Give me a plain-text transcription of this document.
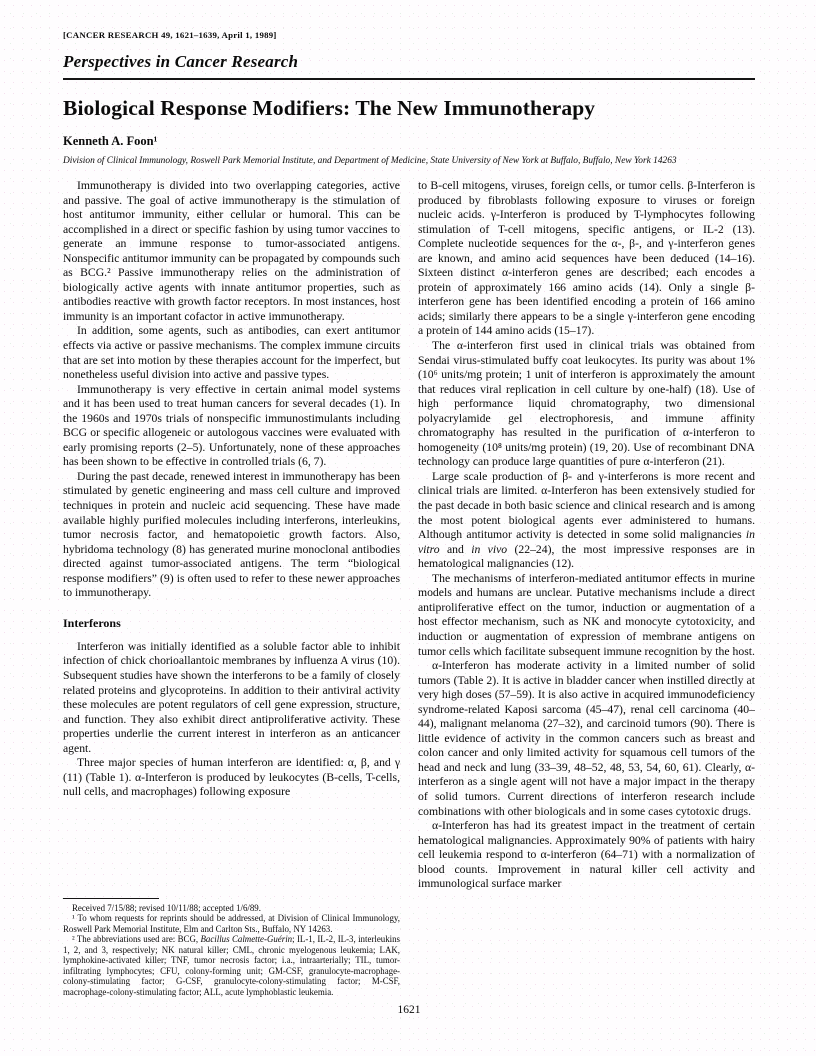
[CANCER RESEARCH 49, 1621–1639, April 1, 1989]
Perspectives in Cancer Research
Biological Response Modifiers: The New Immunotherapy
Kenneth A. Foon¹
Division of Clinical Immunology, Roswell Park Memorial Institute, and Department of Medicine, State University of New York at Buffalo, Buffalo, New York 14263

Immunotherapy is divided into two overlapping categories, active and passive. The goal of active immunotherapy is the stimulation of host antitumor immunity, either cellular or humoral. This can be accomplished in a direct or specific fashion by using tumor vaccines to generate an immune response to tumor-associated antigens. Nonspecific antitumor immunity can be propagated by compounds such as BCG.² Passive immunotherapy relies on the administration of biologically active agents with innate antitumor properties, such as antibodies reactive with growth factor receptors. In most instances, host immunity is an important cofactor in active immunotherapy.

In addition, some agents, such as antibodies, can exert antitumor effects via active or passive mechanisms. The complex immune circuits that are set into motion by these therapies account for the imperfect, but nonetheless useful division into active and passive types.

Immunotherapy is very effective in certain animal model systems and it has been used to treat human cancers for several decades (1). In the 1960s and 1970s trials of nonspecific immunostimulants including BCG or specific allogeneic or autologous vaccines were evaluated with early promising reports (2–5). Unfortunately, none of these approaches has been shown to be effective in controlled trials (6, 7).

During the past decade, renewed interest in immunotherapy has been stimulated by genetic engineering and mass cell culture and improved techniques in protein and nucleic acid sequencing. These have made available highly purified molecules including interferons, interleukins, tumor necrosis factor, and hematopoietic growth factors. Also, hybridoma technology (8) has generated murine monoclonal antibodies directed against tumor-associated antigens. The term “biological response modifiers” (9) is often used to refer to these newer approaches to immunotherapy.

Interferons

Interferon was initially identified as a soluble factor able to inhibit infection of chick chorioallantoic membranes by influenza A virus (10). Subsequent studies have shown the interferons to be a family of closely related proteins and glycoproteins. In addition to their antiviral activity these molecules are potent regulators of cell gene expression, structure, and function. They also exhibit direct antiproliferative activity. These properties underlie the current interest in interferon as an anticancer agent.

Three major species of human interferon are identified: α, β, and γ (11) (Table 1). α-Interferon is produced by leukocytes (B-cells, T-cells, null cells, and macrophages) following exposure

Received 7/15/88; revised 10/11/88; accepted 1/6/89.

¹ To whom requests for reprints should be addressed, at Division of Clinical Immunology, Roswell Park Memorial Institute, Elm and Carlton Sts., Buffalo, NY 14263.

² The abbreviations used are: BCG, Bacillus Calmette-Guérin; IL-1, IL-2, IL-3, interleukins 1, 2, and 3, respectively; NK natural killer; CML, chronic myelogenous leukemia; LAK, lymphokine-activated killer; TNF, tumor necrosis factor; i.a., intraarterially; TIL, tumor-infiltrating lymphocytes; CFU, colony-forming unit; GM-CSF, granulocyte-macrophage-colony-stimulating factor; G-CSF, granulocyte-colony-stimulating factor; M-CSF, macrophage-colony-stimulating factor; ALL, acute lymphoblastic leukemia.

to B-cell mitogens, viruses, foreign cells, or tumor cells. β-Interferon is produced by fibroblasts following exposure to viruses or foreign nucleic acids. γ-Interferon is produced by T-lymphocytes following stimulation of T-cell mitogens, specific antigens, or IL-2 (13). Complete nucleotide sequences for the α-, β-, and γ-interferon genes are known, and amino acid sequences have been deduced (14–16). Sixteen distinct α-interferon genes are described; each encodes a protein of approximately 166 amino acids (14). Only a single β-interferon gene has been identified encoding a protein of 166 amino acids; similarly there appears to be a single γ-interferon gene encoding a protein of 144 amino acids (15–17).

The α-interferon first used in clinical trials was obtained from Sendai virus-stimulated buffy coat leukocytes. Its purity was about 1% (10⁶ units/mg protein; 1 unit of interferon is approximately the amount that reduces viral replication in cell culture by one-half) (18). Use of high performance liquid chromatography, two dimensional polyacrylamide gel electrophoresis, and immune affinity chromatography has resulted in the purification of α-interferon to homogeneity (10⁸ units/mg protein) (19, 20). Use of recombinant DNA technology can produce large quantities of pure α-interferon (21).

Large scale production of β- and γ-interferons is more recent and clinical trials are limited. α-Interferon has been extensively studied for the past decade in both basic science and clinical research and is among the most potent biological agents ever administered to humans. Although antitumor activity is detected in some solid malignancies in vitro and in vivo (22–24), the most impressive responses are in hematological malignancies (12).

The mechanisms of interferon-mediated antitumor effects in murine models and humans are unclear. Putative mechanisms include a direct antiproliferative effect on the tumor, induction or augmentation of a host effector mechanism, such as NK and monocyte cytotoxicity, and induction or augmentation of expression of membrane antigens on tumor cells which facilitate subsequent immune recognition by the host.

α-Interferon has moderate activity in a limited number of solid tumors (Table 2). It is active in bladder cancer when instilled directly at very high doses (57–59). It is also active in acquired immunodeficiency syndrome-related Kaposi sarcoma (45–47), renal cell carcinoma (40–44), malignant melanoma (27–32), and carcinoid tumors (90). There is little evidence of activity in the common cancers such as breast and colon cancer and only limited activity for squamous cell tumors of the head and neck and lung (33–39, 48–52, 48, 53, 54, 60, 61). Clearly, α-interferon as a single agent will not have a major impact in the therapy of solid tumors. Current directions of interferon research include combinations with other biologicals and in some cases cytotoxic drugs.

α-Interferon has had its greatest impact in the treatment of certain hematological malignancies. Approximately 90% of patients with hairy cell leukemia respond to α-interferon (64–71) with a normalization of blood counts. Improvement in natural killer cell activity and immunological surface marker

1621
